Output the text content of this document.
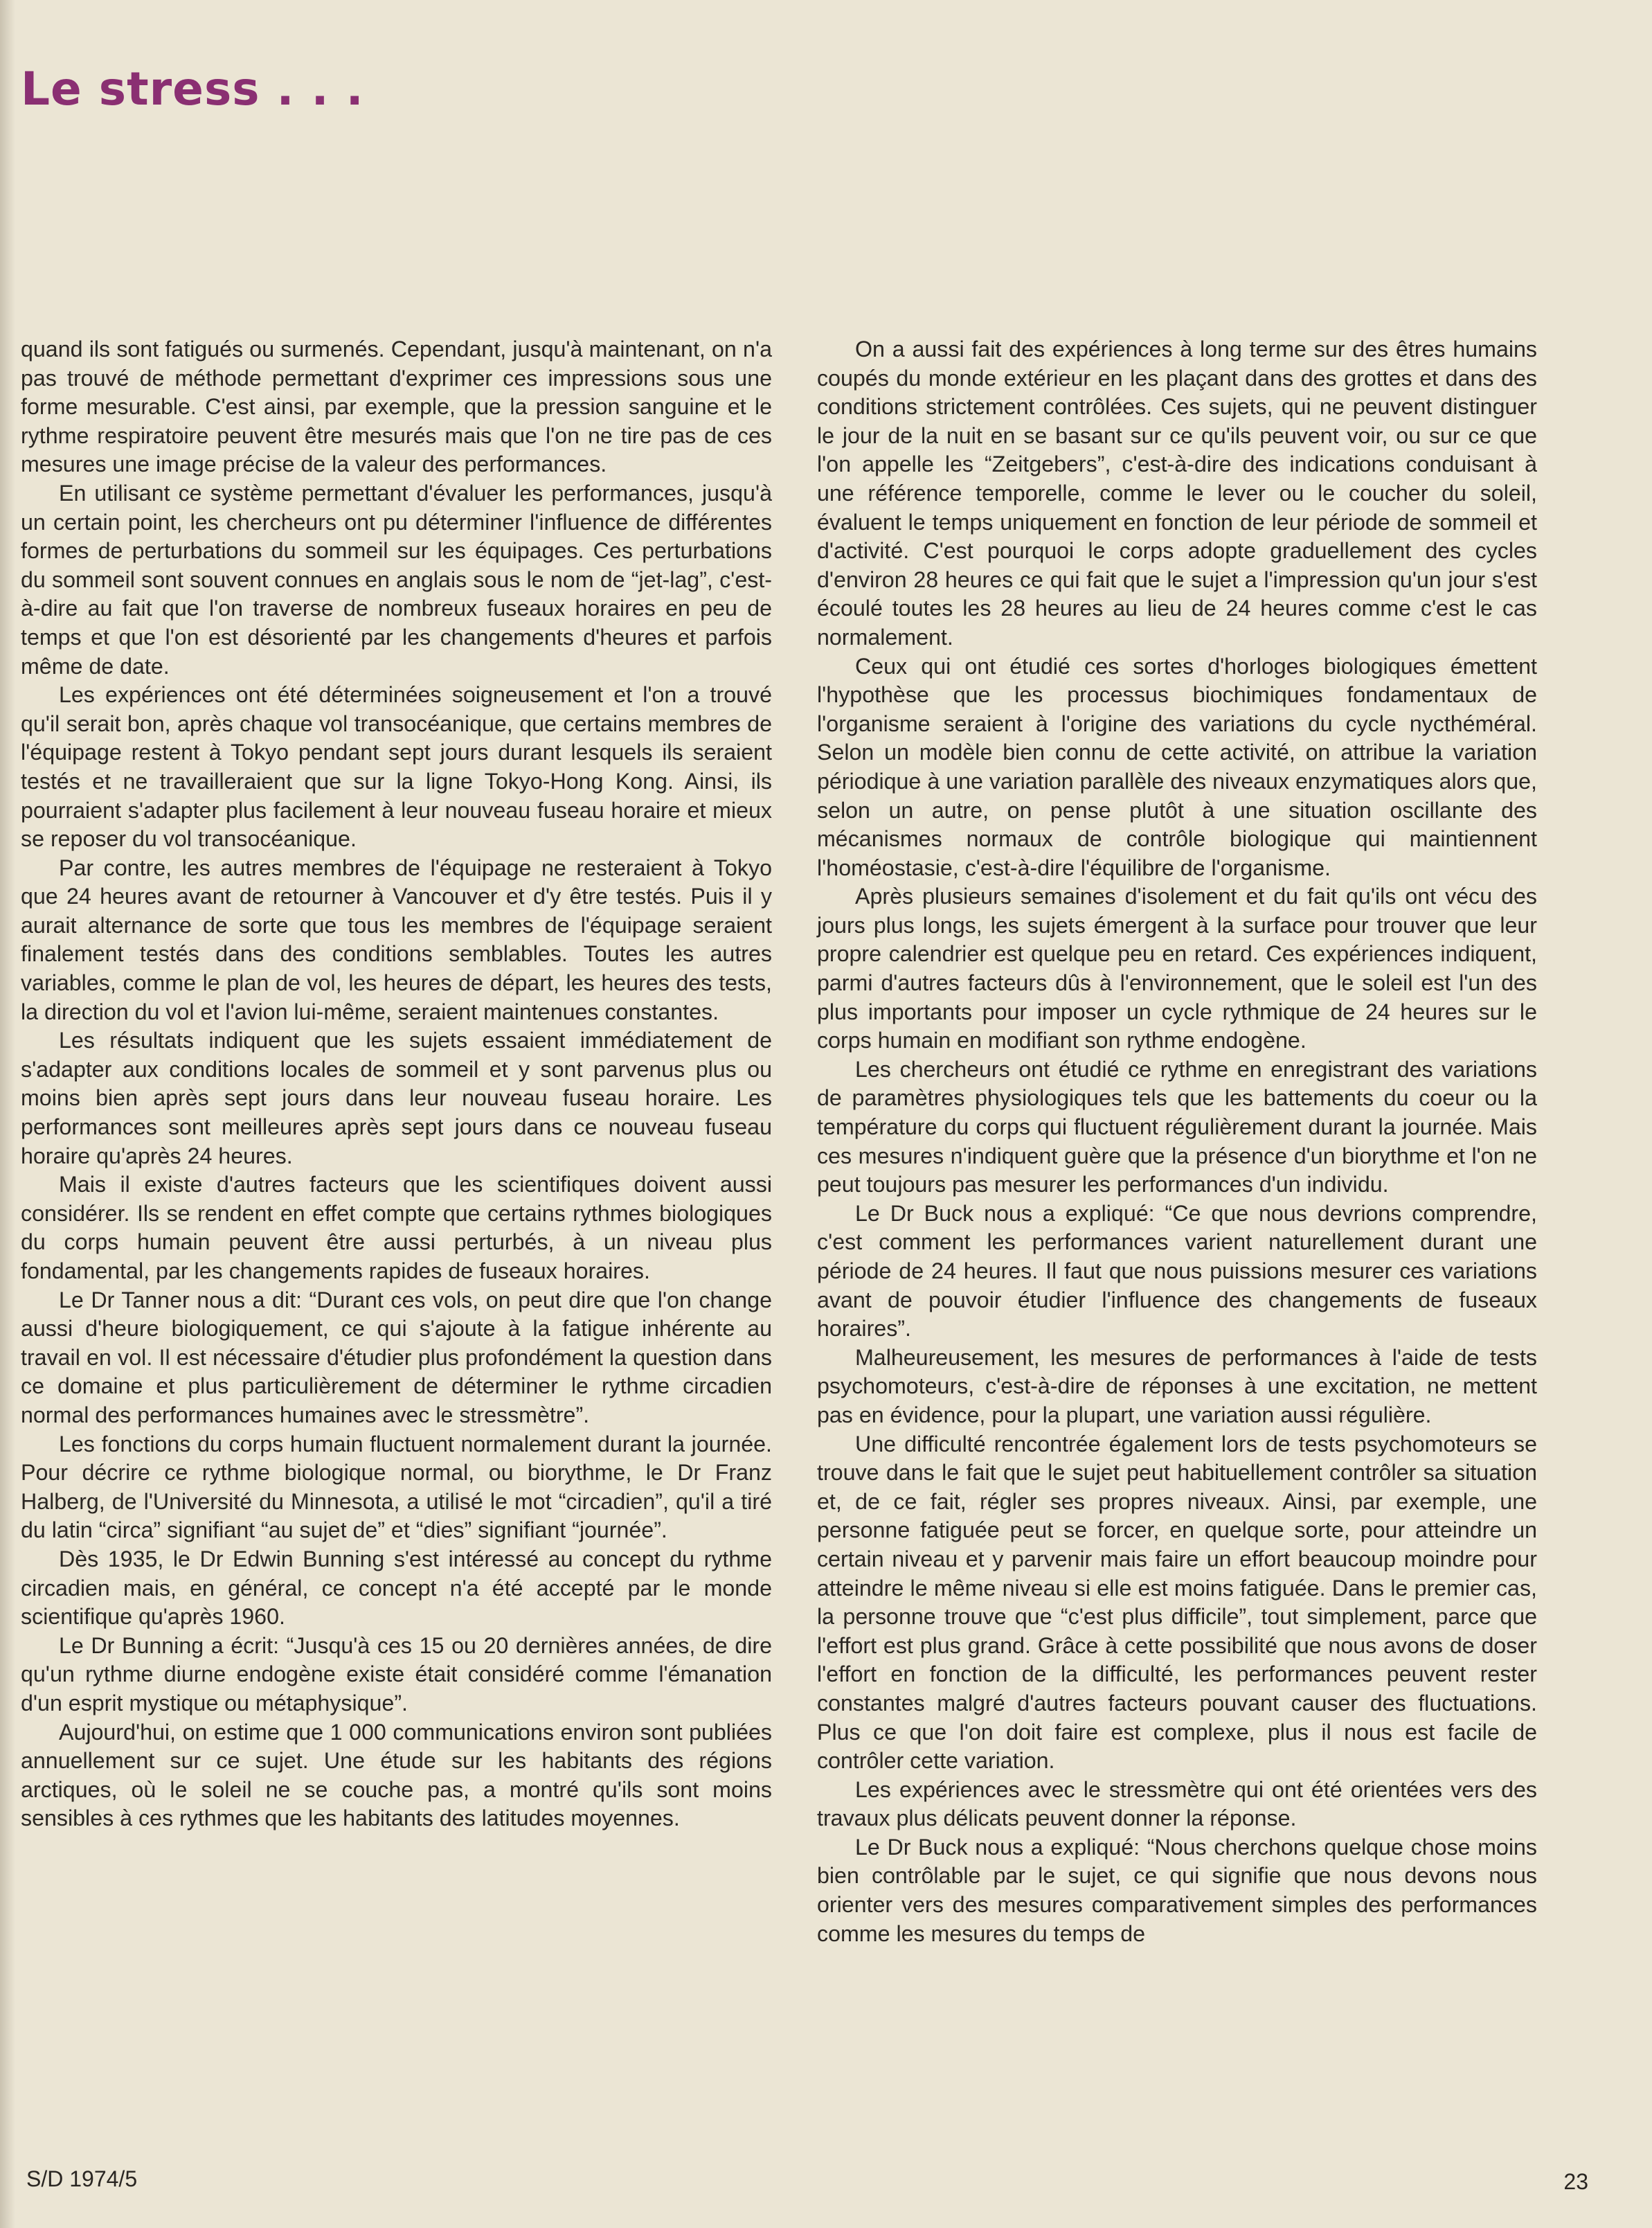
Le stress . . .

quand ils sont fatigués ou surmenés. Cependant, jusqu'à maintenant, on n'a pas trouvé de méthode permettant d'exprimer ces impressions sous une forme mesurable. C'est ainsi, par exemple, que la pression sanguine et le rythme respiratoire peuvent être mesurés mais que l'on ne tire pas de ces mesures une image précise de la valeur des performances.

En utilisant ce système permettant d'évaluer les performances, jusqu'à un certain point, les chercheurs ont pu déterminer l'influence de différentes formes de perturbations du sommeil sur les équipages. Ces perturbations du sommeil sont souvent connues en anglais sous le nom de “jet-lag”, c'est-à-dire au fait que l'on traverse de nombreux fuseaux horaires en peu de temps et que l'on est désorienté par les changements d'heures et parfois même de date.

Les expériences ont été déterminées soigneusement et l'on a trouvé qu'il serait bon, après chaque vol transocéanique, que certains membres de l'équipage restent à Tokyo pendant sept jours durant lesquels ils seraient testés et ne travailleraient que sur la ligne Tokyo-Hong Kong. Ainsi, ils pourraient s'adapter plus facilement à leur nouveau fuseau horaire et mieux se reposer du vol transocéanique.

Par contre, les autres membres de l'équipage ne resteraient à Tokyo que 24 heures avant de retourner à Vancouver et d'y être testés. Puis il y aurait alternance de sorte que tous les membres de l'équipage seraient finalement testés dans des conditions semblables. Toutes les autres variables, comme le plan de vol, les heures de départ, les heures des tests, la direction du vol et l'avion lui-même, seraient maintenues constantes.

Les résultats indiquent que les sujets essaient immédiatement de s'adapter aux conditions locales de sommeil et y sont parvenus plus ou moins bien après sept jours dans leur nouveau fuseau horaire. Les performances sont meilleures après sept jours dans ce nouveau fuseau horaire qu'après 24 heures.

Mais il existe d'autres facteurs que les scientifiques doivent aussi considérer. Ils se rendent en effet compte que certains rythmes biologiques du corps humain peuvent être aussi perturbés, à un niveau plus fondamental, par les changements rapides de fuseaux horaires.

Le Dr Tanner nous a dit: “Durant ces vols, on peut dire que l'on change aussi d'heure biologiquement, ce qui s'ajoute à la fatigue inhérente au travail en vol. Il est nécessaire d'étudier plus profondément la question dans ce domaine et plus particulièrement de déterminer le rythme circadien normal des performances humaines avec le stressmètre”.

Les fonctions du corps humain fluctuent normalement durant la journée. Pour décrire ce rythme biologique normal, ou biorythme, le Dr Franz Halberg, de l'Université du Minnesota, a utilisé le mot “circadien”, qu'il a tiré du latin “circa” signifiant “au sujet de” et “dies” signifiant “journée”.

Dès 1935, le Dr Edwin Bunning s'est intéressé au concept du rythme circadien mais, en général, ce concept n'a été accepté par le monde scientifique qu'après 1960.

Le Dr Bunning a écrit: “Jusqu'à ces 15 ou 20 dernières années, de dire qu'un rythme diurne endogène existe était considéré comme l'émanation d'un esprit mystique ou métaphysique”.

Aujourd'hui, on estime que 1 000 communications environ sont publiées annuellement sur ce sujet. Une étude sur les habitants des régions arctiques, où le soleil ne se couche pas, a montré qu'ils sont moins sensibles à ces rythmes que les habitants des latitudes moyennes.

On a aussi fait des expériences à long terme sur des êtres humains coupés du monde extérieur en les plaçant dans des grottes et dans des conditions strictement contrôlées. Ces sujets, qui ne peuvent distinguer le jour de la nuit en se basant sur ce qu'ils peuvent voir, ou sur ce que l'on appelle les “Zeitgebers”, c'est-à-dire des indications conduisant à une référence temporelle, comme le lever ou le coucher du soleil, évaluent le temps uniquement en fonction de leur période de sommeil et d'activité. C'est pourquoi le corps adopte graduellement des cycles d'environ 28 heures ce qui fait que le sujet a l'impression qu'un jour s'est écoulé toutes les 28 heures au lieu de 24 heures comme c'est le cas normalement.

Ceux qui ont étudié ces sortes d'horloges biologiques émettent l'hypothèse que les processus biochimiques fondamentaux de l'organisme seraient à l'origine des variations du cycle nycthéméral. Selon un modèle bien connu de cette activité, on attribue la variation périodique à une variation parallèle des niveaux enzymatiques alors que, selon un autre, on pense plutôt à une situation oscillante des mécanismes normaux de contrôle biologique qui maintiennent l'homéostasie, c'est-à-dire l'équilibre de l'organisme.

Après plusieurs semaines d'isolement et du fait qu'ils ont vécu des jours plus longs, les sujets émergent à la surface pour trouver que leur propre calendrier est quelque peu en retard. Ces expériences indiquent, parmi d'autres facteurs dûs à l'environnement, que le soleil est l'un des plus importants pour imposer un cycle rythmique de 24 heures sur le corps humain en modifiant son rythme endogène.

Les chercheurs ont étudié ce rythme en enregistrant des variations de paramètres physiologiques tels que les battements du coeur ou la température du corps qui fluctuent régulièrement durant la journée. Mais ces mesures n'indiquent guère que la présence d'un biorythme et l'on ne peut toujours pas mesurer les performances d'un individu.

Le Dr Buck nous a expliqué: “Ce que nous devrions comprendre, c'est comment les performances varient naturellement durant une période de 24 heures. Il faut que nous puissions mesurer ces variations avant de pouvoir étudier l'influence des changements de fuseaux horaires”.

Malheureusement, les mesures de performances à l'aide de tests psychomoteurs, c'est-à-dire de réponses à une excitation, ne mettent pas en évidence, pour la plupart, une variation aussi régulière.

Une difficulté rencontrée également lors de tests psychomoteurs se trouve dans le fait que le sujet peut habituellement contrôler sa situation et, de ce fait, régler ses propres niveaux. Ainsi, par exemple, une personne fatiguée peut se forcer, en quelque sorte, pour atteindre un certain niveau et y parvenir mais faire un effort beaucoup moindre pour atteindre le même niveau si elle est moins fatiguée. Dans le premier cas, la personne trouve que “c'est plus difficile”, tout simplement, parce que l'effort est plus grand. Grâce à cette possibilité que nous avons de doser l'effort en fonction de la difficulté, les performances peuvent rester constantes malgré d'autres facteurs pouvant causer des fluctuations. Plus ce que l'on doit faire est complexe, plus il nous est facile de contrôler cette variation.

Les expériences avec le stressmètre qui ont été orientées vers des travaux plus délicats peuvent donner la réponse.

Le Dr Buck nous a expliqué: “Nous cherchons quelque chose moins bien contrôlable par le sujet, ce qui signifie que nous devons nous orienter vers des mesures comparativement simples des performances comme les mesures du temps de

S/D 1974/5	23
